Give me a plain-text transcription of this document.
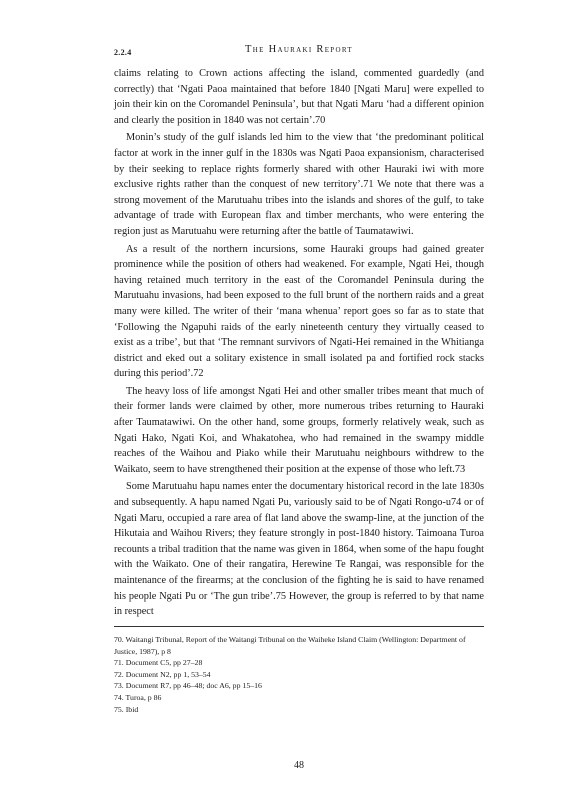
2.2.4	The Hauraki Report

claims relating to Crown actions affecting the island, commented guardedly (and correctly) that ‘Ngati Paoa maintained that before 1840 [Ngati Maru] were expelled to join their kin on the Coromandel Peninsula’, but that Ngati Maru ‘had a different opinion and clearly the position in 1840 was not certain’.70

Monin’s study of the gulf islands led him to the view that ‘the predominant political factor at work in the inner gulf in the 1830s was Ngati Paoa expansionism, characterised by their seeking to replace rights formerly shared with other Hauraki iwi with more exclusive rights rather than the conquest of new territory’.71 We note that there was a strong movement of the Marutuahu tribes into the islands and shores of the gulf, to take advantage of trade with European flax and timber merchants, who were entering the region just as Marutuahu were returning after the battle of Taumatawiwi.

As a result of the northern incursions, some Hauraki groups had gained greater prominence while the position of others had weakened. For example, Ngati Hei, though having retained much territory in the east of the Coromandel Peninsula during the Marutuahu invasions, had been exposed to the full brunt of the northern raids and a great many were killed. The writer of their ‘mana whenua’ report goes so far as to state that ‘Following the Ngapuhi raids of the early nineteenth century they virtually ceased to exist as a tribe’, but that ‘The remnant survivors of Ngati-Hei remained in the Whitianga district and eked out a solitary existence in small isolated pa and fortified rock stacks during this period’.72

The heavy loss of life amongst Ngati Hei and other smaller tribes meant that much of their former lands were claimed by other, more numerous tribes returning to Hauraki after Taumatawiwi. On the other hand, some groups, formerly relatively weak, such as Ngati Hako, Ngati Koi, and Whakatohea, who had remained in the swampy middle reaches of the Waihou and Piako while their Marutuahu neighbours withdrew to the Waikato, seem to have strengthened their position at the expense of those who left.73

Some Marutuahu hapu names enter the documentary historical record in the late 1830s and subsequently. A hapu named Ngati Pu, variously said to be of Ngati Rongo-u74 or of Ngati Maru, occupied a rare area of flat land above the swamp-line, at the junction of the Hikutaia and Waihou Rivers; they feature strongly in post-1840 history. Taimoana Turoa recounts a tribal tradition that the name was given in 1864, when some of the hapu fought with the Waikato. One of their rangatira, Herewine Te Rangai, was responsible for the maintenance of the firearms; at the conclusion of the fighting he is said to have renamed his people Ngati Pu or ‘The gun tribe’.75 However, the group is referred to by that name in respect

70. Waitangi Tribunal, Report of the Waitangi Tribunal on the Waiheke Island Claim (Wellington: Department of Justice, 1987), p 8
71. Document C5, pp 27–28
72. Document N2, pp 1, 53–54
73. Document R7, pp 46–48; doc A6, pp 15–16
74. Turoa, p 86
75. Ibid
48
